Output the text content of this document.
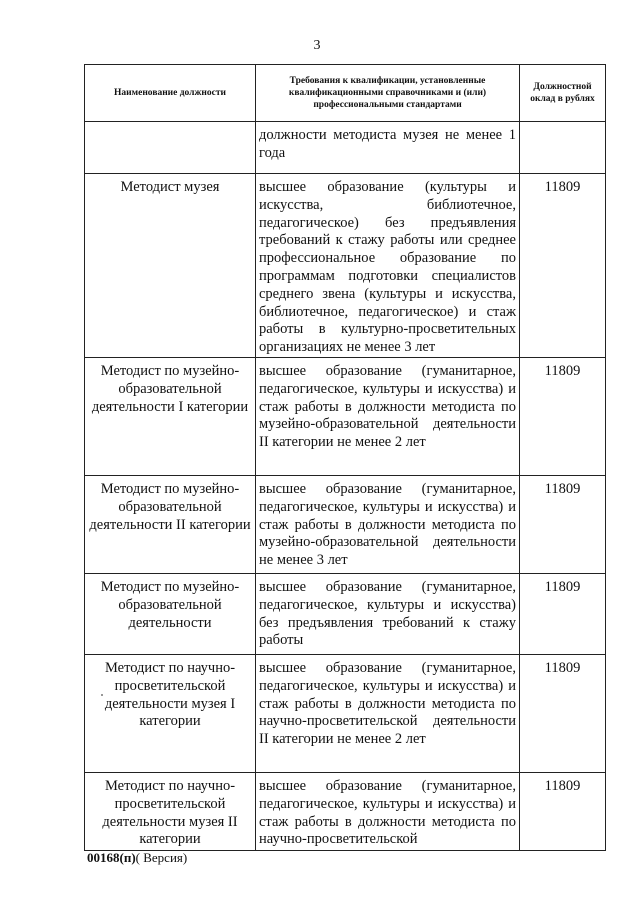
3
Наименование должности	Требования к квалификации, установленные квалификационными справочниками и (или) профессиональными стандартами	Должностной оклад в рублях
	должности методиста музея не менее 1 года	
Методист музея	высшее образование (культуры и искусства, библиотечное, педагогическое) без предъявления требований к стажу работы или среднее профессиональное образование по программам подготовки специалистов среднего звена (культуры и искусства, библиотечное, педагогическое) и стаж работы в культурно-просветительных организациях не менее 3 лет	11809
Методист по музейно-образовательной деятельности I категории	высшее образование (гуманитарное, педагогическое, культуры и искусства) и стаж работы в должности методиста по музейно-образовательной деятельности II категории не менее 2 лет	11809
Методист по музейно-образовательной деятельности II категории	высшее образование (гуманитарное, педагогическое, культуры и искусства) и стаж работы в должности методиста по музейно-образовательной деятельности не менее 3 лет	11809
Методист по музейно-образовательной деятельности	высшее образование (гуманитарное, педагогическое, культуры и искусства) без предъявления требований к стажу работы	11809
Методист по научно-просветительской деятельности музея I категории	высшее образование (гуманитарное, педагогическое, культуры и искусства) и стаж работы в должности методиста по научно-просветительской деятельности II категории не менее 2 лет	11809
Методист по научно-просветительской деятельности музея II категории	высшее образование (гуманитарное, педагогическое, культуры и искусства) и стаж работы в должности методиста по научно-просветительской	11809
00168(п)( Версия)
